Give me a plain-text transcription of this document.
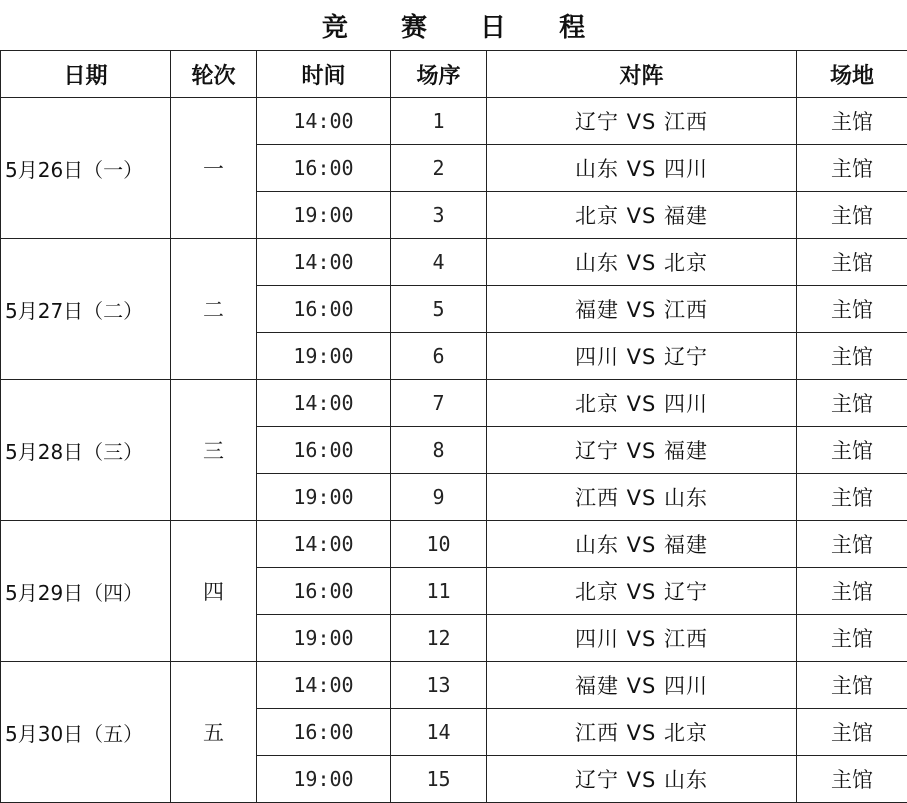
竞 赛 日 程
日期	轮次	时间	场序	对阵	场地
5月26日（一）	一	14:00	1	辽宁 VS 江西	主馆
		16:00	2	山东 VS 四川	主馆
		19:00	3	北京 VS 福建	主馆
5月27日（二）	二	14:00	4	山东 VS 北京	主馆
		16:00	5	福建 VS 江西	主馆
		19:00	6	四川 VS 辽宁	主馆
5月28日（三）	三	14:00	7	北京 VS 四川	主馆
		16:00	8	辽宁 VS 福建	主馆
		19:00	9	江西 VS 山东	主馆
5月29日（四）	四	14:00	10	山东 VS 福建	主馆
		16:00	11	北京 VS 辽宁	主馆
		19:00	12	四川 VS 江西	主馆
5月30日（五）	五	14:00	13	福建 VS 四川	主馆
		16:00	14	江西 VS 北京	主馆
		19:00	15	辽宁 VS 山东	主馆
